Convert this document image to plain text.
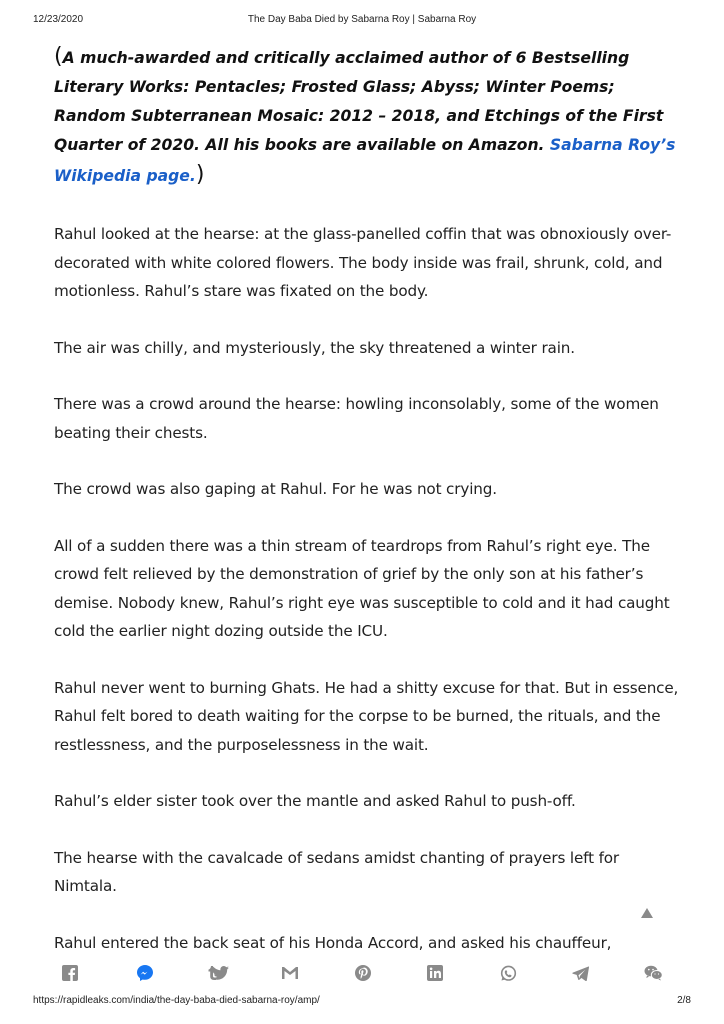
12/23/2020	The Day Baba Died by Sabarna Roy | Sabarna Roy

(A much-awarded and critically acclaimed author of 6 Bestselling Literary Works: Pentacles; Frosted Glass; Abyss; Winter Poems; Random Subterranean Mosaic: 2012 – 2018, and Etchings of the First Quarter of 2020. All his books are available on Amazon. Sabarna Roy’s Wikipedia page.)

Rahul looked at the hearse: at the glass-panelled coffin that was obnoxiously over-decorated with white colored flowers. The body inside was frail, shrunk, cold, and motionless. Rahul’s stare was fixated on the body.

The air was chilly, and mysteriously, the sky threatened a winter rain.

There was a crowd around the hearse: howling inconsolably, some of the women beating their chests.

The crowd was also gaping at Rahul. For he was not crying.

All of a sudden there was a thin stream of teardrops from Rahul’s right eye. The crowd felt relieved by the demonstration of grief by the only son at his father’s demise. Nobody knew, Rahul’s right eye was susceptible to cold and it had caught cold the earlier night dozing outside the ICU.

Rahul never went to burning Ghats. He had a shitty excuse for that. But in essence, Rahul felt bored to death waiting for the corpse to be burned, the rituals, and the restlessness, and the purposelessness in the wait.

Rahul’s elder sister took over the mantle and asked Rahul to push-off.

The hearse with the cavalcade of sedans amidst chanting of prayers left for Nimtala.

Rahul entered the back seat of his Honda Accord, and asked his chauffeur,

https://rapidleaks.com/india/the-day-baba-died-sabarna-roy/amp/	2/8
